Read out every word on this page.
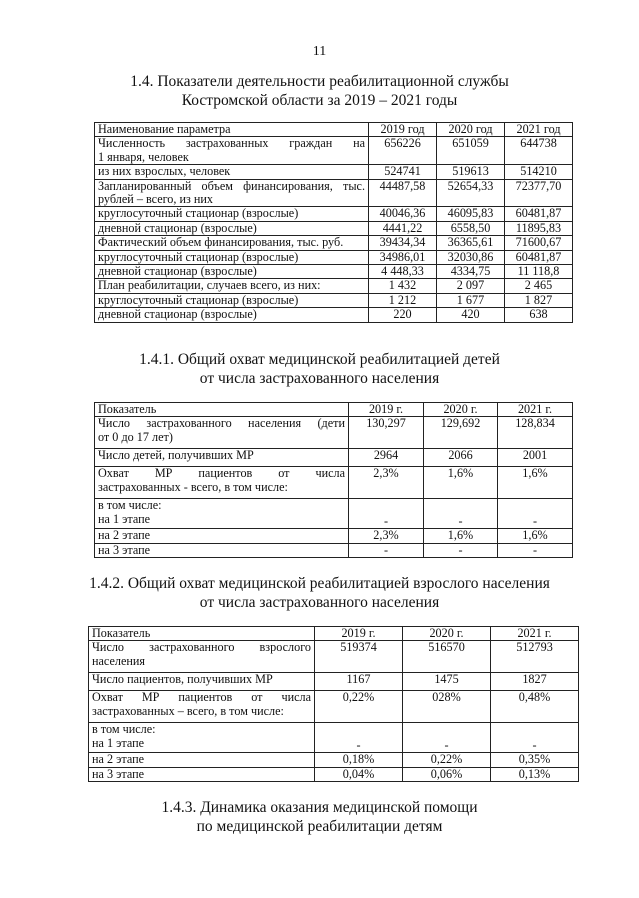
11
1.4. Показатели деятельности реабилитационной службы
Костромской области за 2019 – 2021 годы
Наименование параметра	2019 год	2020 год	2021 год

Численность застрахованных граждан на
1 января, человек	656226	651059	644738
из них взрослых, человек	524741	519613	514210

Запланированный объем финансирования, тыс.
рублей – всего, из них	44487,58	52654,33	72377,70
круглосуточный стационар (взрослые)	40046,36	46095,83	60481,87
дневной стационар (взрослые)	4441,22	6558,50	11895,83
Фактический объем финансирования, тыс. руб.	39434,34	36365,61	71600,67
круглосуточный стационар (взрослые)	34986,01	32030,86	60481,87
дневной стационар (взрослые)	4 448,33	4334,75	11 118,8
План реабилитации, случаев всего, из них:	1 432	2 097	2 465
круглосуточный стационар (взрослые)	1 212	1 677	1 827
дневной стационар (взрослые)	220	420	638
1.4.1. Общий охват медицинской реабилитацией детей
от числа застрахованного населения
Показатель	2019 г.	2020 г.	2021 г.

Число застрахованного населения (дети
от 0 до 17 лет)	130,297	129,692	128,834
Число детей, получивших МР	2964	2066	2001

Охват МР пациентов от числа
застрахованных - всего, в том числе:	2,3%	1,6%	1,6%

в том числе:
на 1 этапе	-	-	-
на 2 этапе	2,3%	1,6%	1,6%
на 3 этапе	-	-	-
1.4.2. Общий охват медицинской реабилитацией взрослого населения
от числа застрахованного населения
Показатель	2019 г.	2020 г.	2021 г.

Число застрахованного взрослого
населения	519374	516570	512793
Число пациентов, получивших МР	1167	1475	1827

Охват МР пациентов от числа
застрахованных – всего, в том числе:	0,22%	028%	0,48%

в том числе:
на 1 этапе	-	-	-
на 2 этапе	0,18%	0,22%	0,35%
на 3 этапе	0,04%	0,06%	0,13%
1.4.3. Динамика оказания медицинской помощи
по медицинской реабилитации детям
